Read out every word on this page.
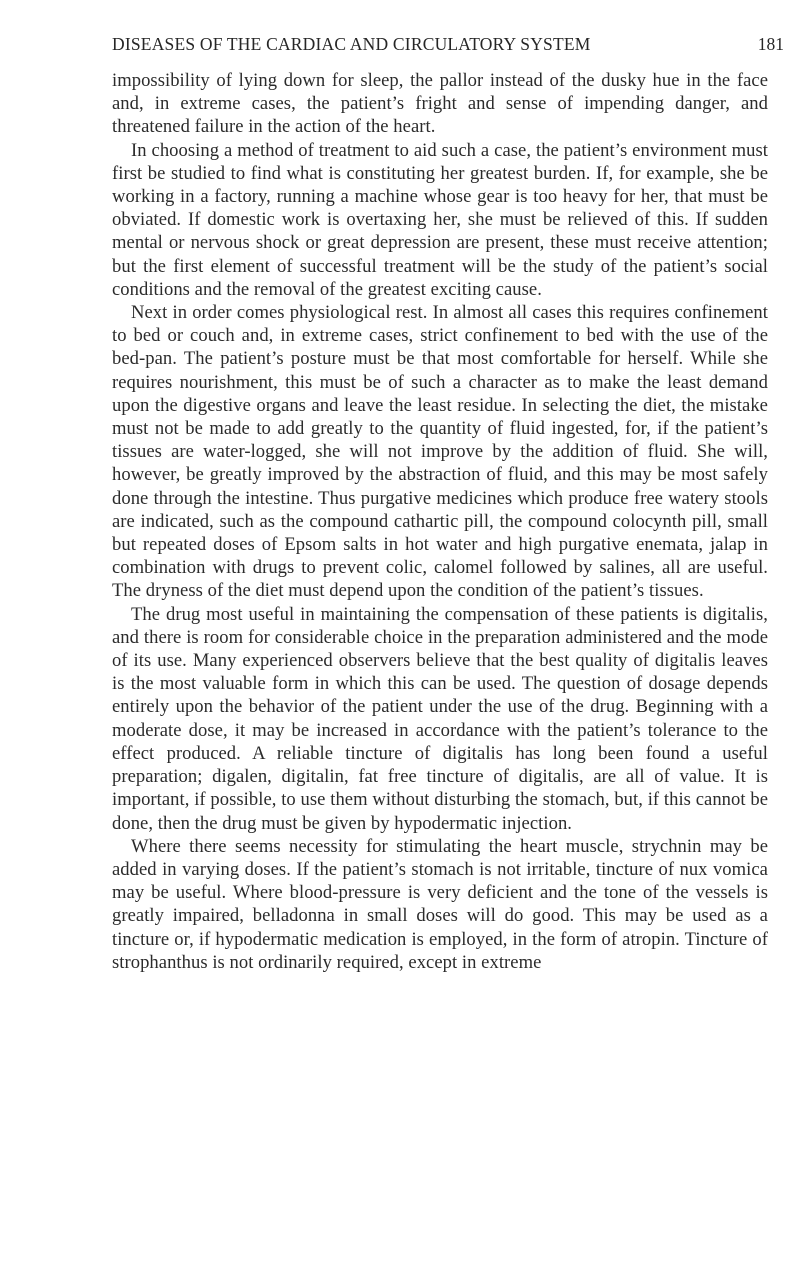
DISEASES OF THE CARDIAC AND CIRCULATORY SYSTEM	181

impossibility of lying down for sleep, the pallor instead of the dusky hue in the face and, in extreme cases, the patient’s fright and sense of impending danger, and threatened failure in the action of the heart.

In choosing a method of treatment to aid such a case, the patient’s environment must first be studied to find what is constituting her greatest burden. If, for example, she be working in a factory, running a machine whose gear is too heavy for her, that must be obviated. If domestic work is overtaxing her, she must be relieved of this. If sudden mental or nervous shock or great depression are present, these must receive attention; but the first element of successful treatment will be the study of the patient’s social conditions and the removal of the greatest exciting cause.

Next in order comes physiological rest. In almost all cases this requires confinement to bed or couch and, in extreme cases, strict confinement to bed with the use of the bed-pan. The patient’s posture must be that most comfortable for herself. While she requires nourishment, this must be of such a character as to make the least demand upon the digestive organs and leave the least residue. In selecting the diet, the mistake must not be made to add greatly to the quantity of fluid ingested, for, if the patient’s tissues are water-logged, she will not improve by the addition of fluid. She will, however, be greatly improved by the abstraction of fluid, and this may be most safely done through the intestine. Thus purgative medicines which produce free watery stools are indicated, such as the compound cathartic pill, the compound colocynth pill, small but repeated doses of Epsom salts in hot water and high purgative enemata, jalap in combination with drugs to prevent colic, calomel followed by salines, all are useful. The dryness of the diet must depend upon the condition of the patient’s tissues.

The drug most useful in maintaining the compensation of these patients is digitalis, and there is room for considerable choice in the preparation administered and the mode of its use. Many experienced observers believe that the best quality of digitalis leaves is the most valuable form in which this can be used. The question of dosage depends entirely upon the behavior of the patient under the use of the drug. Beginning with a moderate dose, it may be increased in accordance with the patient’s tolerance to the effect produced. A reliable tincture of digitalis has long been found a useful preparation; digalen, digitalin, fat free tincture of digitalis, are all of value. It is important, if possible, to use them without disturbing the stomach, but, if this cannot be done, then the drug must be given by hypodermatic injection.

Where there seems necessity for stimulating the heart muscle, strychnin may be added in varying doses. If the patient’s stomach is not irritable, tincture of nux vomica may be useful. Where blood-pressure is very deficient and the tone of the vessels is greatly impaired, belladonna in small doses will do good. This may be used as a tincture or, if hypodermatic medication is employed, in the form of atropin. Tincture of strophanthus is not ordinarily required, except in extreme
